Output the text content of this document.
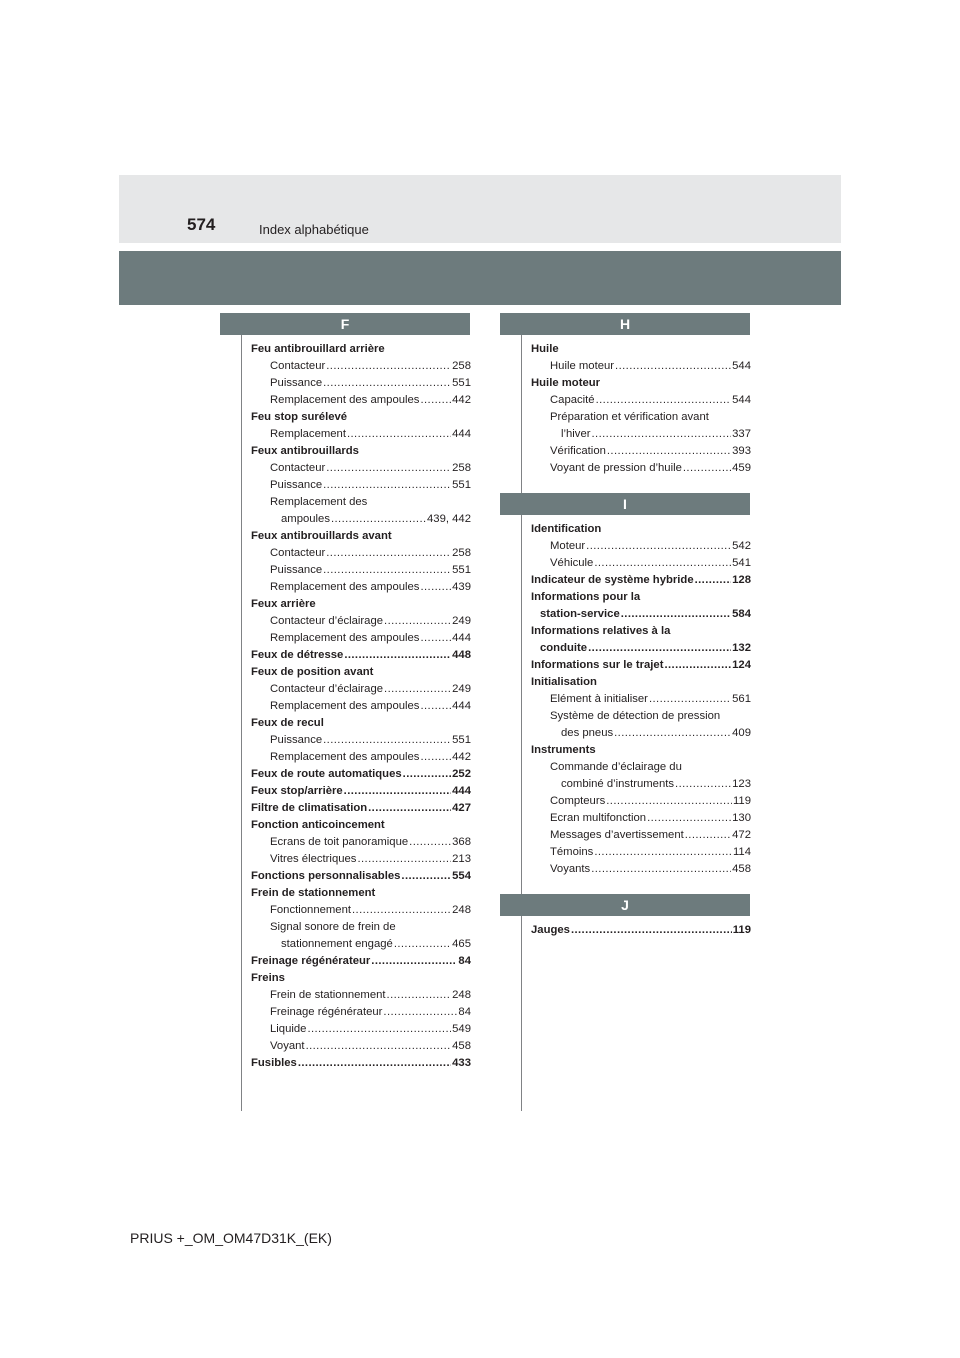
574	Index alphabétique
F
Feu antibrouillard arrière
Contacteur .....	258
Puissance .....	551
Remplacement des ampoules .....	442
Feu stop surélevé
Remplacement .....	444
Feux antibrouillards
Contacteur .....	258
Puissance .....	551
Remplacement des
ampoules .....	439, 442
Feux antibrouillards avant
Contacteur .....	258
Puissance .....	551
Remplacement des ampoules .....	439
Feux arrière
Contacteur d’éclairage .....	249
Remplacement des ampoules .....	444
Feux de détresse .....	448
Feux de position avant
Contacteur d’éclairage .....	249
Remplacement des ampoules .....	444
Feux de recul
Puissance .....	551
Remplacement des ampoules .....	442
Feux de route automatiques .....	252
Feux stop/arrière .....	444
Filtre de climatisation .....	427
Fonction anticoincement
Ecrans de toit panoramique .....	368
Vitres électriques .....	213
Fonctions personnalisables .....	554
Frein de stationnement
Fonctionnement .....	248
Signal sonore de frein de
stationnement engagé .....	465
Freinage régénérateur .....	84
Freins
Frein de stationnement .....	248
Freinage régénérateur .....	84
Liquide .....	549
Voyant .....	458
Fusibles .....	433
H
Huile
Huile moteur .....	544
Huile moteur
Capacité .....	544
Préparation et vérification avant
l’hiver .....	337
Vérification .....	393
Voyant de pression d’huile .....	459
I
Identification
Moteur .....	542
Véhicule .....	541
Indicateur de système hybride .....	128
Informations pour la
station-service .....	584
Informations relatives à la
conduite .....	132
Informations sur le trajet .....	124
Initialisation
Elément à initialiser .....	561
Système de détection de pression
des pneus .....	409
Instruments
Commande d’éclairage du
combiné d’instruments .....	123
Compteurs .....	119
Ecran multifonction .....	130
Messages d’avertissement .....	472
Témoins .....	114
Voyants .....	458
J
Jauges .....	119
PRIUS +_OM_OM47D31K_(EK)
